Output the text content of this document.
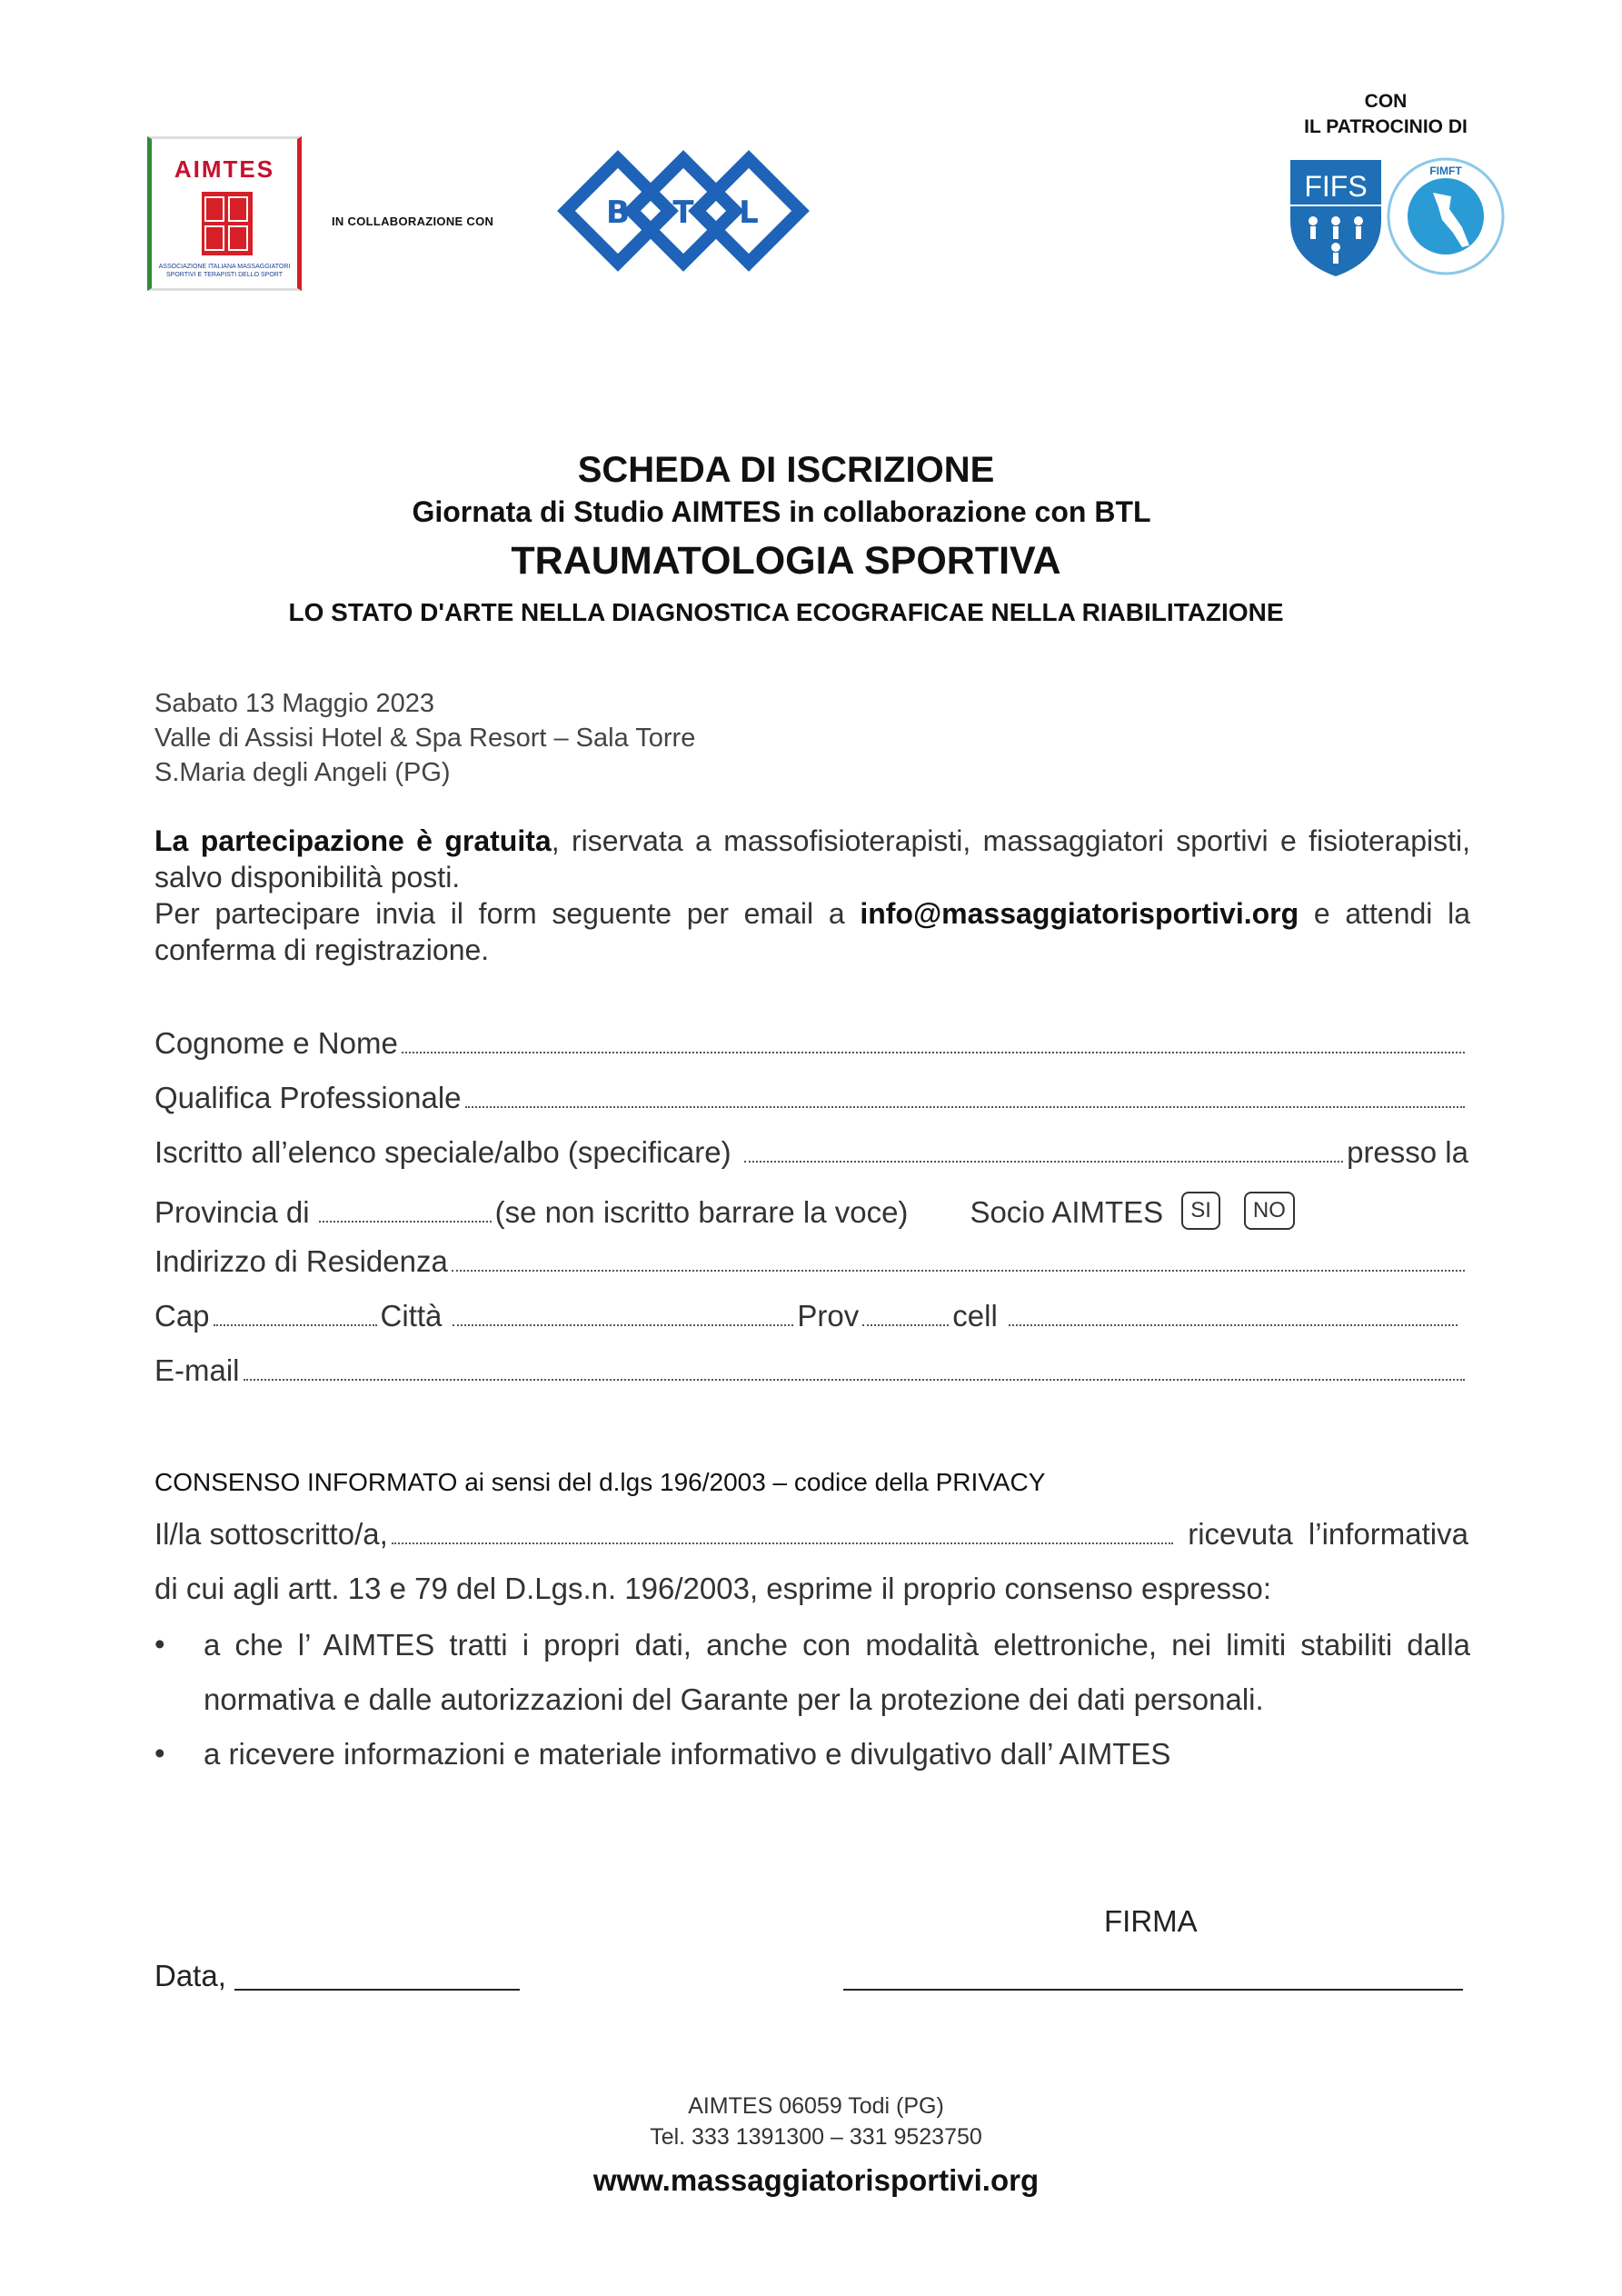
AIMTES
ASSOCIAZIONE ITALIANA MASSAGGIATORI SPORTIVI E TERAPISTI DELLO SPORT
IN COLLABORAZIONE CON	B T L
CON
IL PATROCINIO DI
FIFS	FIMFT
SCHEDA DI ISCRIZIONE
Giornata di Studio AIMTES in collaborazione con BTL
TRAUMATOLOGIA SPORTIVA
LO STATO D'ARTE NELLA DIAGNOSTICA ECOGRAFICAE NELLA RIABILITAZIONE
Sabato 13 Maggio 2023
Valle di Assisi Hotel & Spa Resort – Sala Torre
S.Maria degli Angeli (PG)
La partecipazione è gratuita, riservata a massofisioterapisti, massaggiatori sportivi e fisioterapisti, salvo disponibilità posti.
Per partecipare invia il form seguente per email a info@massaggiatorisportivi.org e attendi la conferma di registrazione.
Cognome e Nome
Qualifica Professionale
Iscritto all’elenco speciale/albo (specificare)	presso la
Provincia di	(se non iscritto barrare la voce) Socio AIMTES	SI	NO
Indirizzo di Residenza
Cap	Città	Prov	cell
E-mail
CONSENSO INFORMATO ai sensi del d.lgs 196/2003 – codice della PRIVACY
Il/la sottoscritto/a,	ricevuta l’informativa
di cui agli artt. 13 e 79 del D.Lgs.n. 196/2003, esprime il proprio consenso espresso:
• a che l’ AIMTES tratti i propri dati, anche con modalità elettroniche, nei limiti stabiliti dalla normativa e dalle autorizzazioni del Garante per la protezione dei dati personali.
• a ricevere informazioni e materiale informativo e divulgativo dall’ AIMTES
FIRMA
Data,
AIMTES 06059 Todi (PG)
Tel. 333 1391300 – 331 9523750
www.massaggiatorisportivi.org
